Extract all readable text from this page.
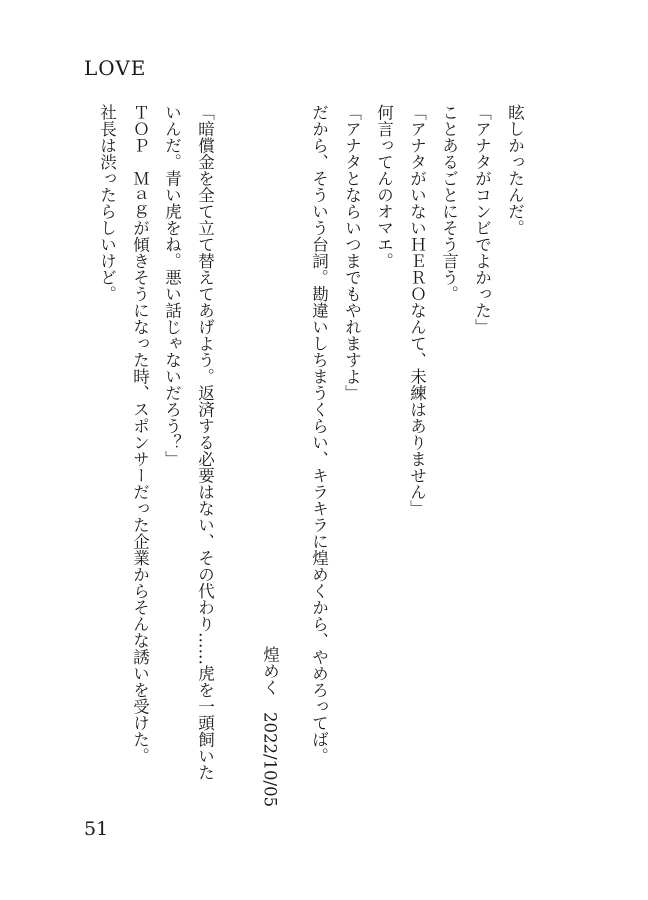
LOVE
眩しかったんだ。
「アナタがコンビでよかった」
ことあるごとにそう言う。
「アナタがいないＨＥＲＯなんて、未練はありません」
何言ってんのオマエ。
「アナタとならいつまでもやれますよ」
だから、そういう台詞。勘違いしちまうくらい、キラキラに煌めくから、やめろってば。
煌めく　2022/10/05
「暗償金を全て立て替えてあげよう。返済する必要はない、その代わり……虎を一頭飼いた
いんだ。青い虎をね。悪い話じゃないだろう？」
ＴＯＰ　Ｍａｇが傾きそうになった時、スポンサーだった企業からそんな誘いを受けた。
社長は渋ったらしいけど。
51
